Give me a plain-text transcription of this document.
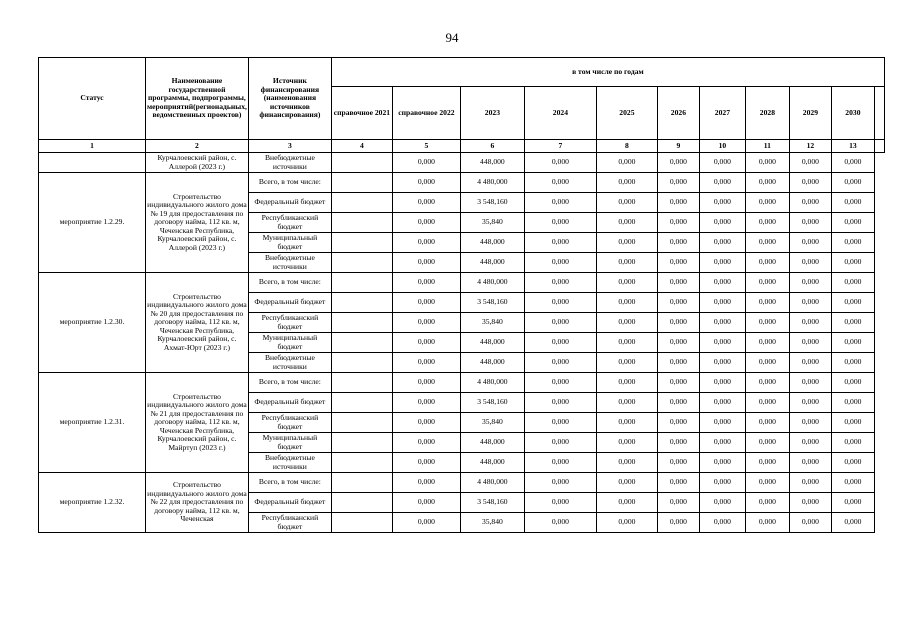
94
Статус	Наименование государственной программы, подпрограммы, мероприятий(регионадьных, ведомственных проектов)	Источник финансирования (наименования источников финансирования)	в том числе по годам										
			справочное 2021	справочное 2022	2023	2024	2025	2026	2027	2028	2029	2030	
1	2	3	4	5	6	7	8	9	10	11	12	13	
	Курчалоевский район, с. Аллерой (2023 г.)	Внебюджетные источники		0,000	448,000	0,000	0,000	0,000	0,000	0,000	0,000	0,000	
мероприятие 1.2.29.	Строительство индивидуального жилого дома № 19 для предоставления по договору найма, 112 кв. м, Чеченская Республика, Курчалоевский район, с. Аллерой (2023 г.)	Всего, в том числе:		0,000	4 480,000	0,000	0,000	0,000	0,000	0,000	0,000	0,000	
		Федеральный бюджет		0,000	3 548,160	0,000	0,000	0,000	0,000	0,000	0,000	0,000	
		Республиканский бюджет		0,000	35,840	0,000	0,000	0,000	0,000	0,000	0,000	0,000	
		Муниципальный бюджет		0,000	448,000	0,000	0,000	0,000	0,000	0,000	0,000	0,000	
		Внебюджетные источники		0,000	448,000	0,000	0,000	0,000	0,000	0,000	0,000	0,000	
мероприятие 1.2.30.	Строительство индивидуального жилого дома № 20 для предоставления по договору найма, 112 кв. м, Чеченская Республика, Курчалоевский район, с. Ахмат-Юрт (2023 г.)	Всего, в том числе:		0,000	4 480,000	0,000	0,000	0,000	0,000	0,000	0,000	0,000	
		Федеральный бюджет		0,000	3 548,160	0,000	0,000	0,000	0,000	0,000	0,000	0,000	
		Республиканский бюджет		0,000	35,840	0,000	0,000	0,000	0,000	0,000	0,000	0,000	
		Муниципальный бюджет		0,000	448,000	0,000	0,000	0,000	0,000	0,000	0,000	0,000	
		Внебюджетные источники		0,000	448,000	0,000	0,000	0,000	0,000	0,000	0,000	0,000	
мероприятие 1.2.31.	Строительство индивидуального жилого дома № 21 для предоставления по договору найма, 112 кв. м, Чеченская Республика, Курчалоевский район, с. Майртуп (2023 г.)	Всего, в том числе:		0,000	4 480,000	0,000	0,000	0,000	0,000	0,000	0,000	0,000	
		Федеральный бюджет		0,000	3 548,160	0,000	0,000	0,000	0,000	0,000	0,000	0,000	
		Республиканский бюджет		0,000	35,840	0,000	0,000	0,000	0,000	0,000	0,000	0,000	
		Муниципальный бюджет		0,000	448,000	0,000	0,000	0,000	0,000	0,000	0,000	0,000	
		Внебюджетные источники		0,000	448,000	0,000	0,000	0,000	0,000	0,000	0,000	0,000	
мероприятие 1.2.32.	Строительство индивидуального жилого дома № 22 для предоставления по договору найма, 112 кв. м, Чеченская	Всего, в том числе:		0,000	4 480,000	0,000	0,000	0,000	0,000	0,000	0,000	0,000	
		Федеральный бюджет		0,000	3 548,160	0,000	0,000	0,000	0,000	0,000	0,000	0,000	
		Республиканский бюджет		0,000	35,840	0,000	0,000	0,000	0,000	0,000	0,000	0,000	
